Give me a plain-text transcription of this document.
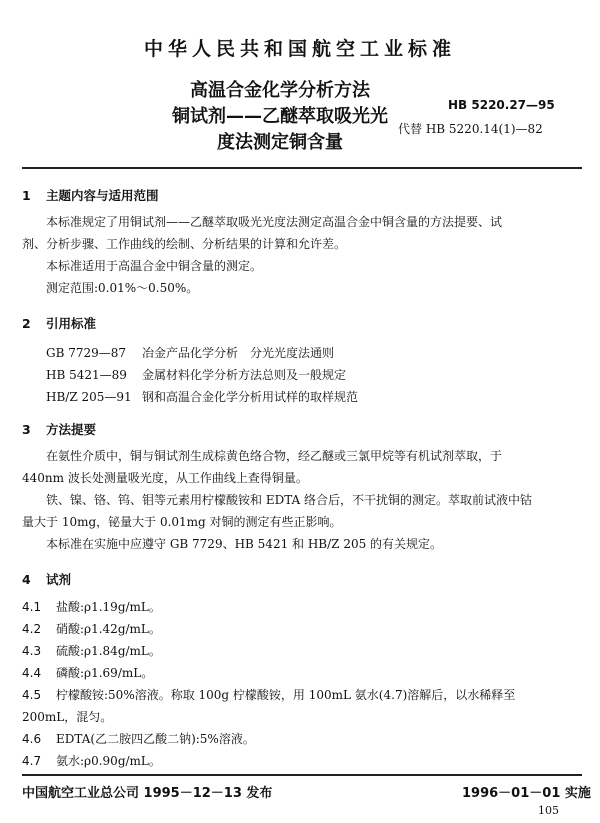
中华人民共和国航空工业标准
高温合金化学分析方法
铜试剂——乙醚萃取吸光光
度法测定铜含量
HB 5220.27—95
代替 HB 5220.14(1)—82
1 主题内容与适用范围
本标准规定了用铜试剂——乙醚萃取吸光光度法测定高温合金中铜含量的方法提要、试
剂、分析步骤、工作曲线的绘制、分析结果的计算和允许差。
本标准适用于高温合金中铜含量的测定。
测定范围:0.01%～0.50%。
2 引用标准
GB 7729—87 冶金产品化学分析　分光光度法通则
HB 5421—89 金属材料化学分析方法总则及一般规定
HB/Z 205—91 钢和高温合金化学分析用试样的取样规范
3 方法提要
在氨性介质中，铜与铜试剂生成棕黄色络合物，经乙醚或三氯甲烷等有机试剂萃取，于
440nm 波长处测量吸光度，从工作曲线上查得铜量。
铁、镍、铬、钨、钼等元素用柠檬酸铵和 EDTA 络合后，不干扰铜的测定。萃取前试液中钴
量大于 10mg，铋量大于 0.01mg 对铜的测定有些正影响。
本标准在实施中应遵守 GB 7729、HB 5421 和 HB/Z 205 的有关规定。
4 试剂
4.1 盐酸:ρ1.19g/mL。
4.2 硝酸:ρ1.42g/mL。
4.3 硫酸:ρ1.84g/mL。
4.4 磷酸:ρ1.69/mL。
4.5 柠檬酸铵:50%溶液。称取 100g 柠檬酸铵，用 100mL 氨水(4.7)溶解后，以水稀释至
200mL，混匀。
4.6 EDTA(乙二胺四乙酸二钠):5%溶液。
4.7 氨水:ρ0.90g/mL。
中国航空工业总公司 1995－12－13 发布	1996－01－01 实施
105
